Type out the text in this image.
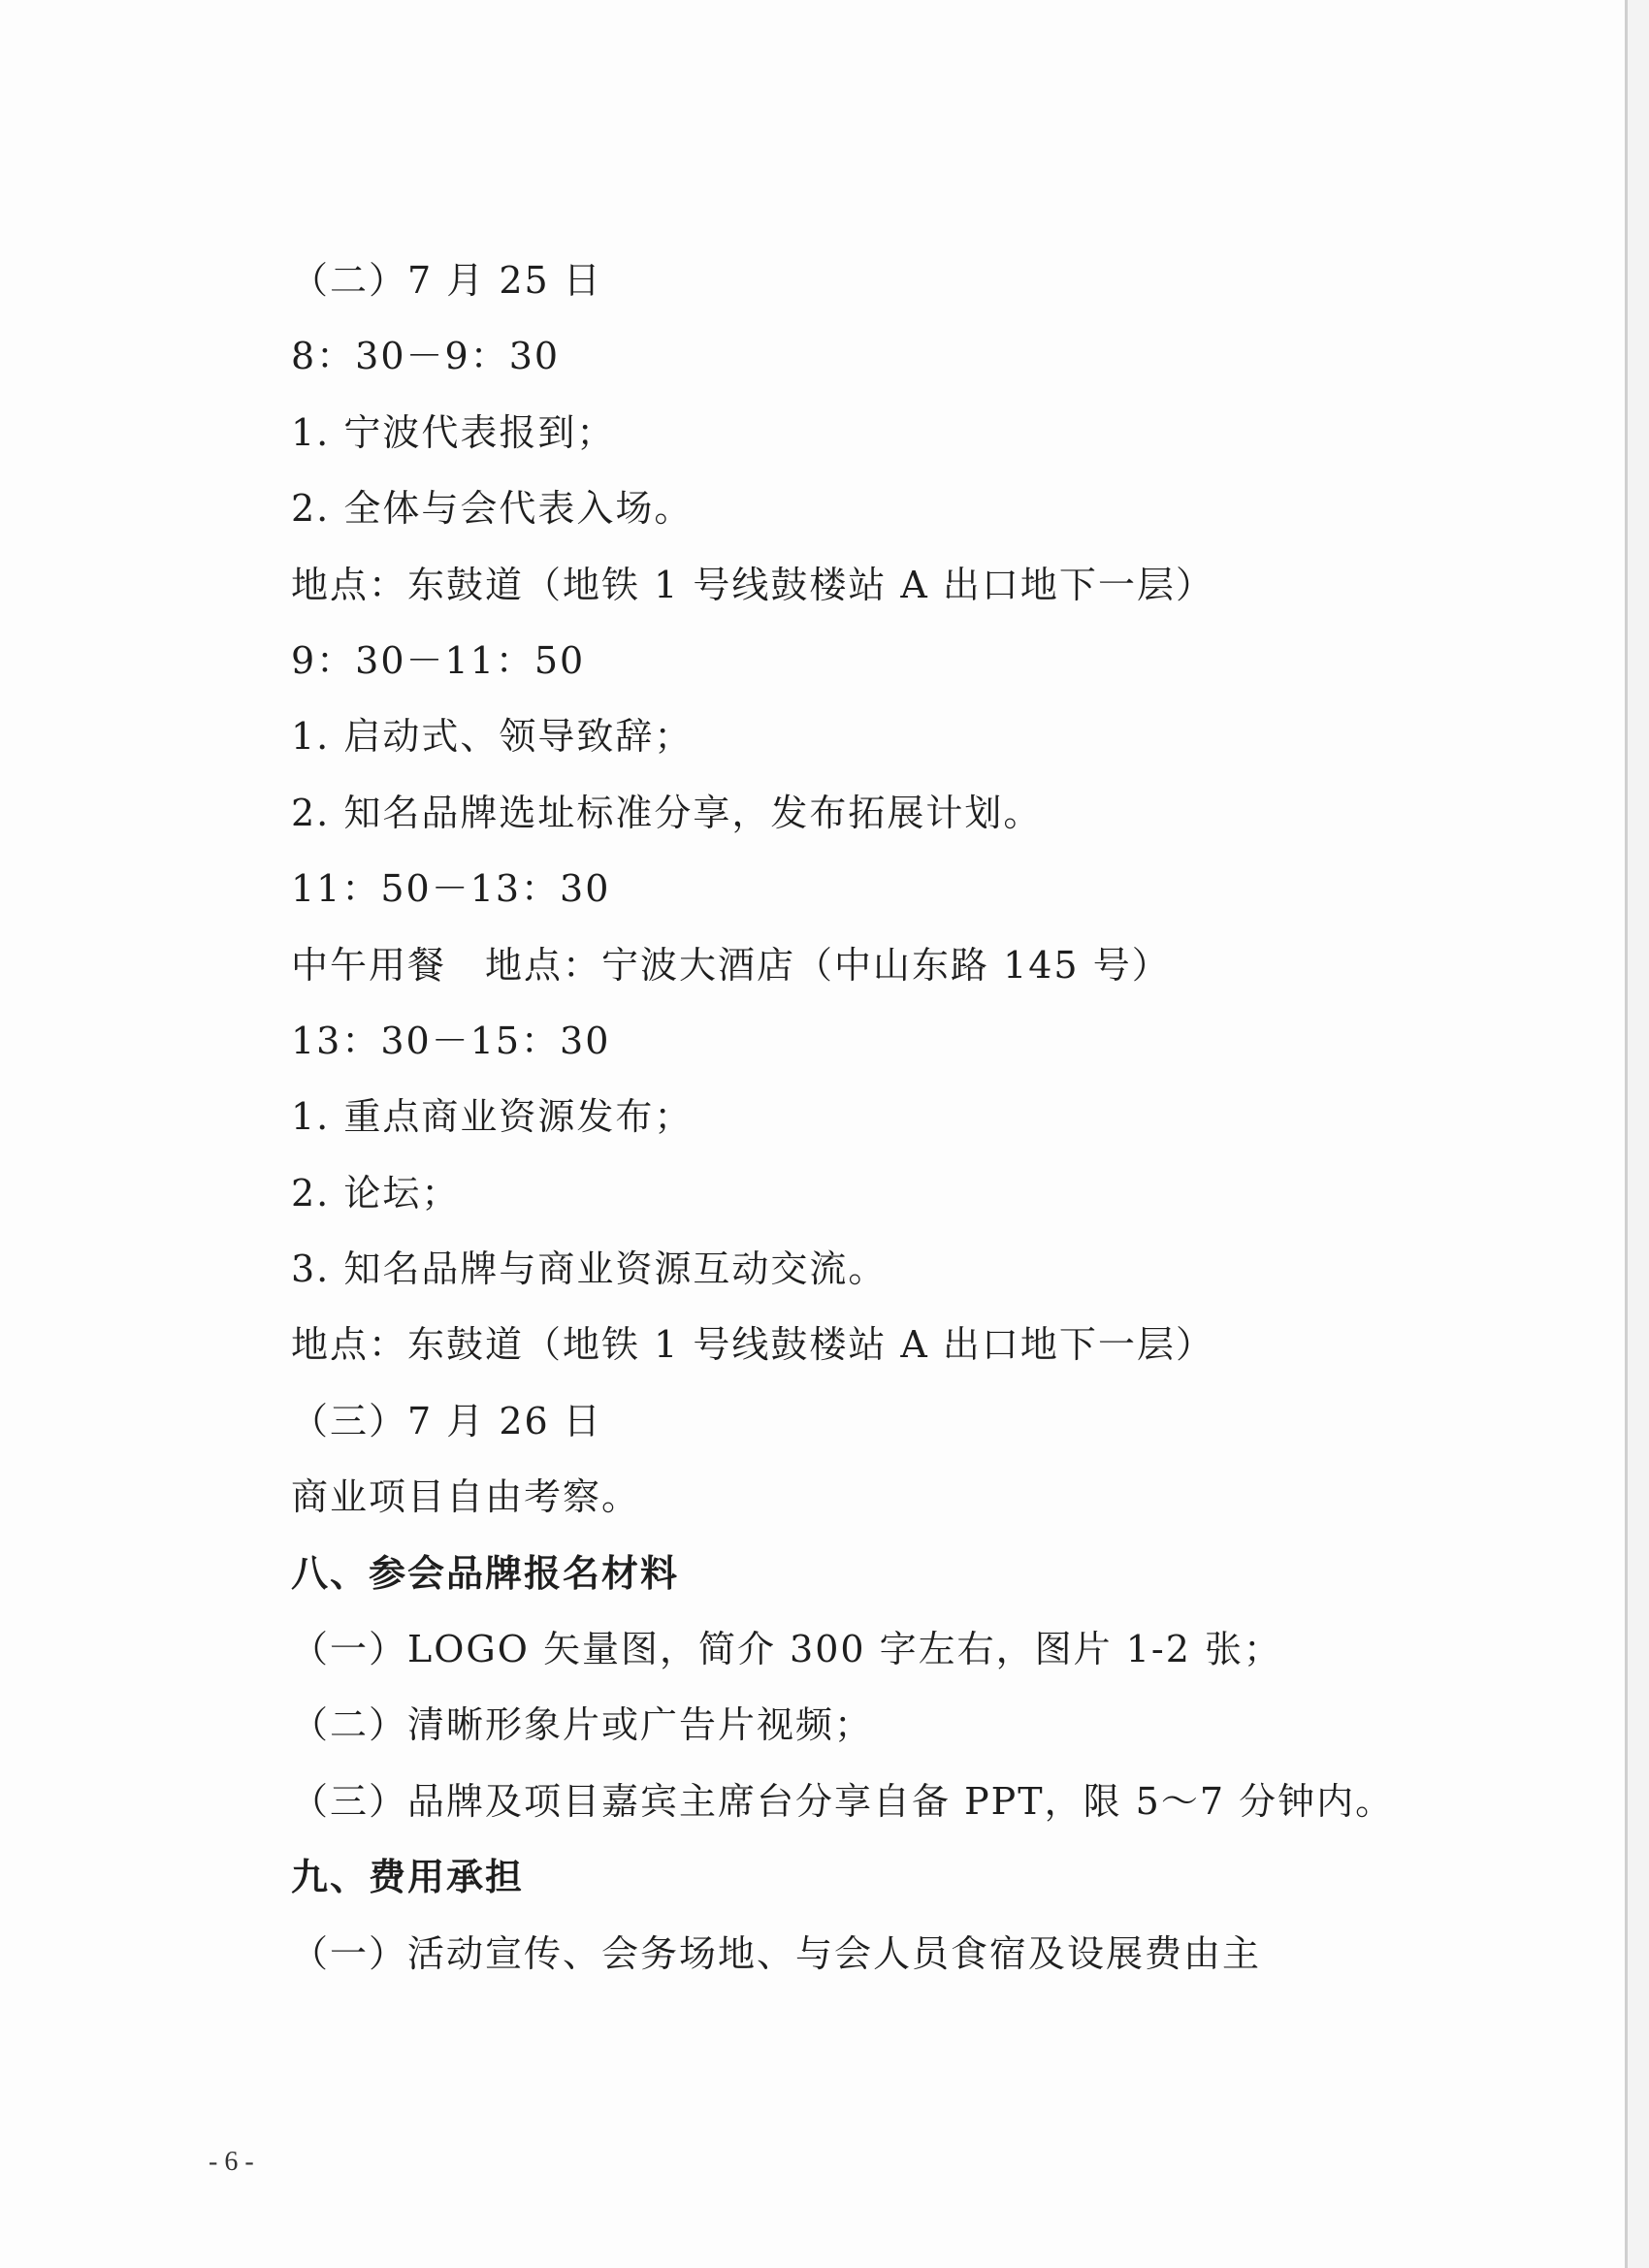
（二）7 月 25 日
8：30－9：30
1. 宁波代表报到；
2. 全体与会代表入场。
地点：东鼓道（地铁 1 号线鼓楼站 A 出口地下一层）
9：30－11：50
1. 启动式、领导致辞；
2. 知名品牌选址标准分享，发布拓展计划。
11：50－13：30
中午用餐　地点：宁波大酒店（中山东路 145 号）
13：30－15：30
1. 重点商业资源发布；
2. 论坛；
3. 知名品牌与商业资源互动交流。
地点：东鼓道（地铁 1 号线鼓楼站 A 出口地下一层）
（三）7 月 26 日
商业项目自由考察。
八、参会品牌报名材料
（一）LOGO 矢量图，简介 300 字左右，图片 1-2 张；
（二）清晰形象片或广告片视频；
（三）品牌及项目嘉宾主席台分享自备 PPT，限 5～7 分钟内。
九、费用承担
（一）活动宣传、会务场地、与会人员食宿及设展费由主
- 6 -
